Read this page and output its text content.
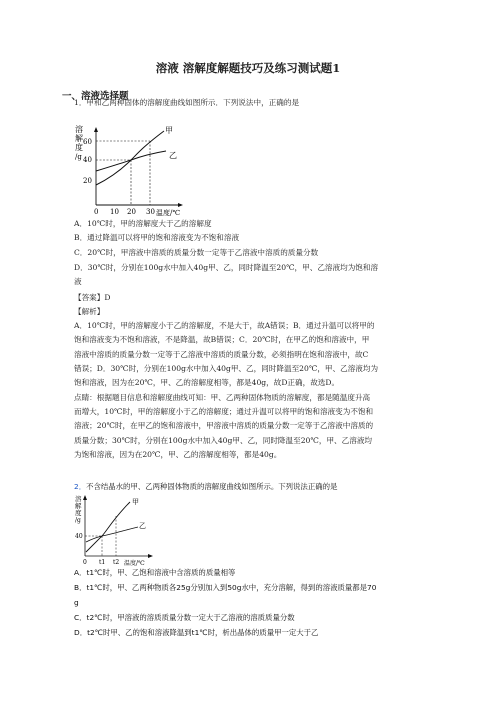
溶液 溶解度解题技巧及练习测试题1
一、溶液选择题
1．甲和乙两种固体的溶解度曲线如图所示．下列说法中，正确的是
溶
解
度
/g
60
40
20
甲
乙
0 10 20 30 温度/℃
A．10℃时，甲的溶解度大于乙的溶解度
B．通过降温可以将甲的饱和溶液变为不饱和溶液
C．20℃时，甲溶液中溶质的质量分数一定等于乙溶液中溶质的质量分数
D．30℃时，分别在100g水中加入40g甲、乙，同时降温至20℃，甲、乙溶液均为饱和溶
液
【答案】D
【解析】
A．10℃时，甲的溶解度小于乙的溶解度，不是大于，故A错误；B．通过升温可以将甲的
饱和溶液变为不饱和溶液，不是降温，故B错误；C．20℃时，在甲乙的饱和溶液中，甲
溶液中溶质的质量分数一定等于乙溶液中溶质的质量分数，必须指明在饱和溶液中，故C
错误；D．30℃时，分别在100g水中加入40g甲、乙，同时降温至20℃，甲、乙溶液均为
饱和溶液，因为在20℃，甲、乙的溶解度相等，都是40g，故D正确，故选D。
点睛：根据题目信息和溶解度曲线可知：甲、乙两种固体物质的溶解度，都是随温度升高
而增大，10℃时，甲的溶解度小于乙的溶解度；通过升温可以将甲的饱和溶液变为不饱和
溶液；20℃时，在甲乙的饱和溶液中，甲溶液中溶质的质量分数一定等于乙溶液中溶质的
质量分数；30℃时，分别在100g水中加入40g甲、乙，同时降温至20℃，甲、乙溶液均
为饱和溶液，因为在20℃，甲、乙的溶解度相等，都是40g。
2．不含结晶水的甲、乙两种固体物质的溶解度曲线如图所示。下列说法正确的是
溶
解
度
/g
40
甲
乙
0 t1 t2 温度/℃
A．t1℃时，甲、乙饱和溶液中含溶质的质量相等
B．t1℃时，甲、乙两种物质各25g分别加入到50g水中，充分溶解，得到的溶液质量都是70
g
C．t2℃时，甲溶液的溶质质量分数一定大于乙溶液的溶质质量分数
D．t2℃时甲、乙的饱和溶液降温到t1℃时，析出晶体的质量甲一定大于乙
